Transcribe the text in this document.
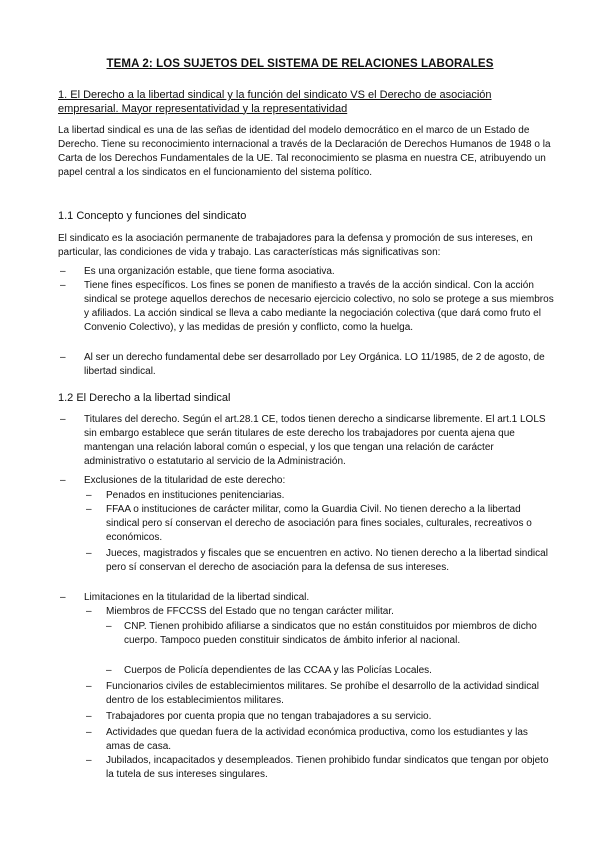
TEMA 2: LOS SUJETOS DEL SISTEMA DE RELACIONES LABORALES
1. El Derecho a la libertad sindical y la función del sindicato VS el Derecho de asociación empresarial. Mayor representatividad y la representatividad
La libertad sindical es una de las señas de identidad del modelo democrático en el marco de un Estado de Derecho. Tiene su reconocimiento internacional a través de la Declaración de Derechos Humanos de 1948 o la Carta de los Derechos Fundamentales de la UE. Tal reconocimiento se plasma en nuestra CE, atribuyendo un papel central a los sindicatos en el funcionamiento del sistema político.
1.1 Concepto y funciones del sindicato
El sindicato es la asociación permanente de trabajadores para la defensa y promoción de sus intereses, en particular, las condiciones de vida y trabajo. Las características más significativas son:
– Es una organización estable, que tiene forma asociativa.
– Tiene fines específicos. Los fines se ponen de manifiesto a través de la acción sindical. Con la acción sindical se protege aquellos derechos de necesario ejercicio colectivo, no solo se protege a sus miembros y afiliados. La acción sindical se lleva a cabo mediante la negociación colectiva (que dará como fruto el Convenio Colectivo), y las medidas de presión y conflicto, como la huelga.
– Al ser un derecho fundamental debe ser desarrollado por Ley Orgánica. LO 11/1985, de 2 de agosto, de libertad sindical.
1.2 El Derecho a la libertad sindical
– Titulares del derecho. Según el art.28.1 CE, todos tienen derecho a sindicarse libremente. El art.1 LOLS sin embargo establece que serán titulares de este derecho los trabajadores por cuenta ajena que mantengan una relación laboral común o especial, y los que tengan una relación de carácter administrativo o estatutario al servicio de la Administración.
– Exclusiones de la titularidad de este derecho:
– Penados en instituciones penitenciarias.
– FFAA o instituciones de carácter militar, como la Guardia Civil. No tienen derecho a la libertad sindical pero sí conservan el derecho de asociación para fines sociales, culturales, recreativos o económicos.
– Jueces, magistrados y fiscales que se encuentren en activo. No tienen derecho a la libertad sindical pero sí conservan el derecho de asociación para la defensa de sus intereses.
– Limitaciones en la titularidad de la libertad sindical.
– Miembros de FFCCSS del Estado que no tengan carácter militar.
– CNP. Tienen prohibido afiliarse a sindicatos que no están constituidos por miembros de dicho cuerpo. Tampoco pueden constituir sindicatos de ámbito inferior al nacional.
– Cuerpos de Policía dependientes de las CCAA y las Policías Locales.
– Funcionarios civiles de establecimientos militares. Se prohíbe el desarrollo de la actividad sindical dentro de los establecimientos militares.
– Trabajadores por cuenta propia que no tengan trabajadores a su servicio.
– Actividades que quedan fuera de la actividad económica productiva, como los estudiantes y las amas de casa.
– Jubilados, incapacitados y desempleados. Tienen prohibido fundar sindicatos que tengan por objeto la tutela de sus intereses singulares.
